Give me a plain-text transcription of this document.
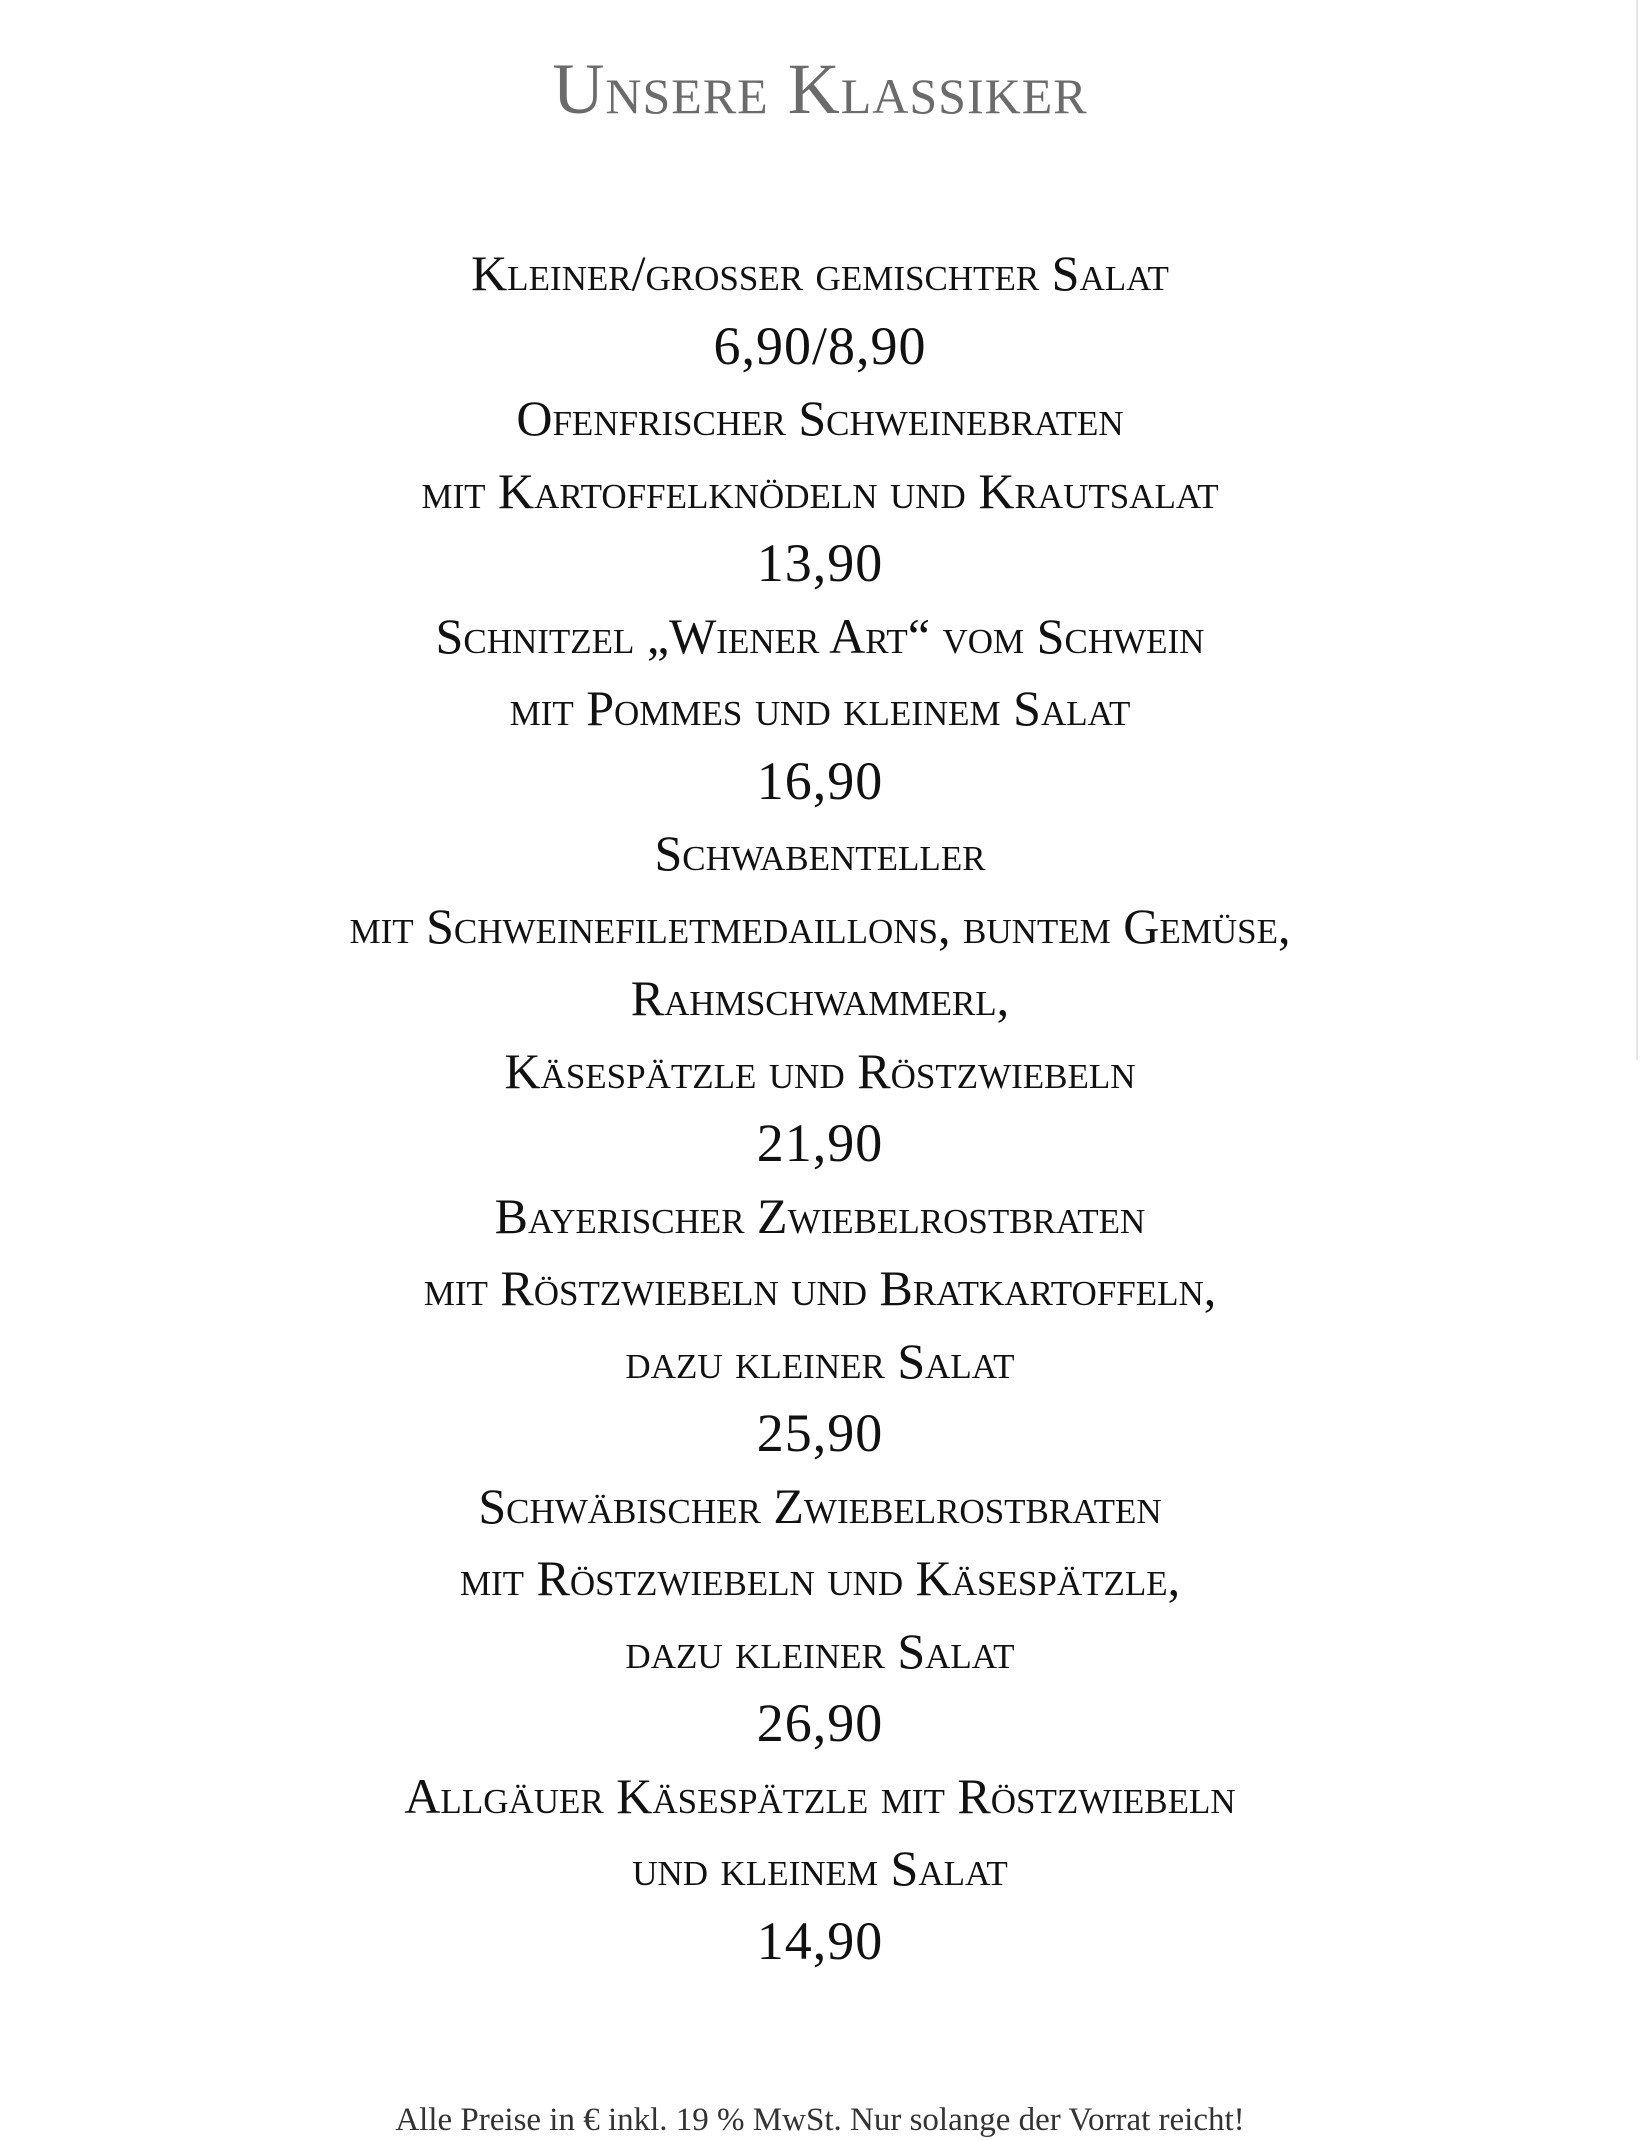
Unsere Klassiker
Kleiner/grosser gemischter Salat
6,90/8,90
Ofenfrischer Schweinebraten
mit Kartoffelknödeln und Krautsalat
13,90
Schnitzel „Wiener Art“ vom Schwein
mit Pommes und kleinem Salat
16,90
Schwabenteller
mit Schweinefiletmedaillons, buntem Gemüse,
Rahmschwammerl,
Käsespätzle und Röstzwiebeln
21,90
Bayerischer Zwiebelrostbraten
mit Röstzwiebeln und Bratkartoffeln,
dazu kleiner Salat
25,90
Schwäbischer Zwiebelrostbraten
mit Röstzwiebeln und Käsespätzle,
dazu kleiner Salat
26,90
Allgäuer Käsespätzle mit Röstzwiebeln
und kleinem Salat
14,90
Alle Preise in € inkl. 19 % MwSt. Nur solange der Vorrat reicht!
